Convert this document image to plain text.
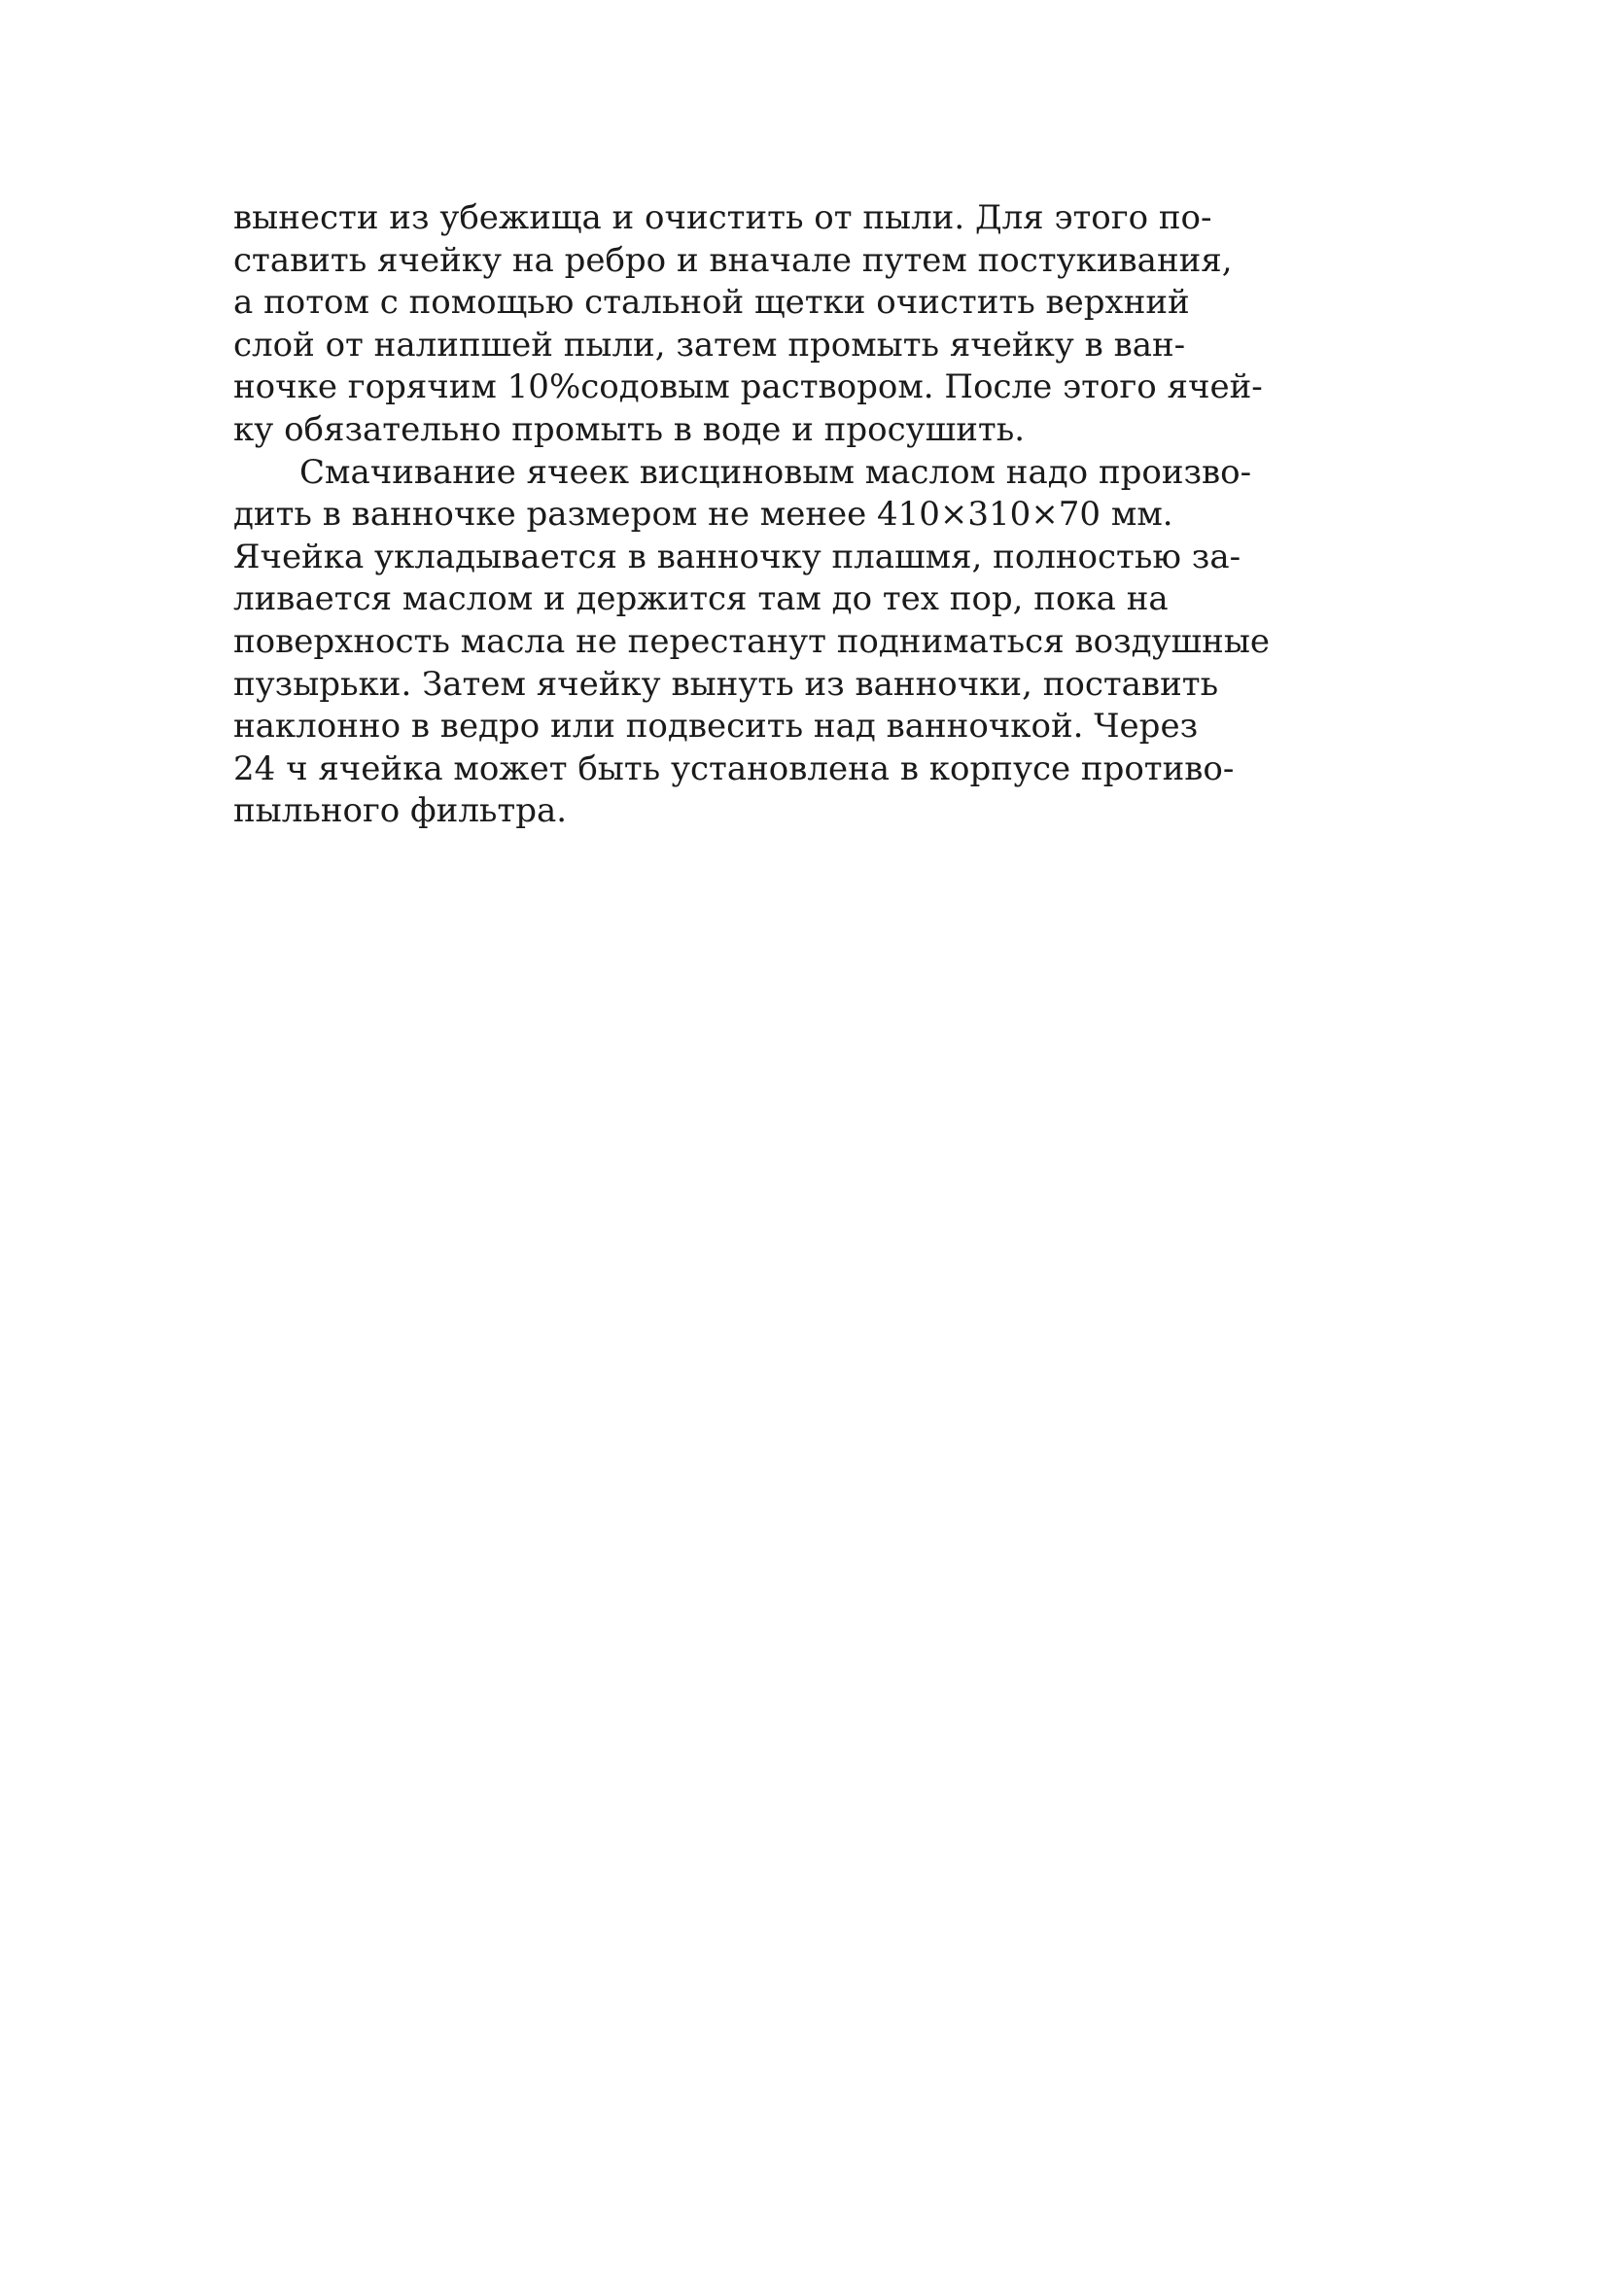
вынести из убежища и очистить от пыли. Для этого по-
ставить ячейку на ребро и вначале путем постукивания,
а потом с помощью стальной щетки очистить верхний
слой от налипшей пыли, затем промыть ячейку в ван-
ночке горячим 10%содовым раствором. После этого ячей-
ку обязательно промыть в воде и просушить.

Смачивание ячеек висциновым маслом надо произво-
дить в ванночке размером не менее 410×310×70 мм.
Ячейка укладывается в ванночку плашмя, полностью за-
ливается маслом и держится там до тех пор, пока на
поверхность масла не перестанут подниматься воздушные
пузырьки. Затем ячейку вынуть из ванночки, поставить
наклонно в ведро или подвесить над ванночкой. Через
24 ч ячейка может быть установлена в корпусе противо-
пыльного фильтра.
